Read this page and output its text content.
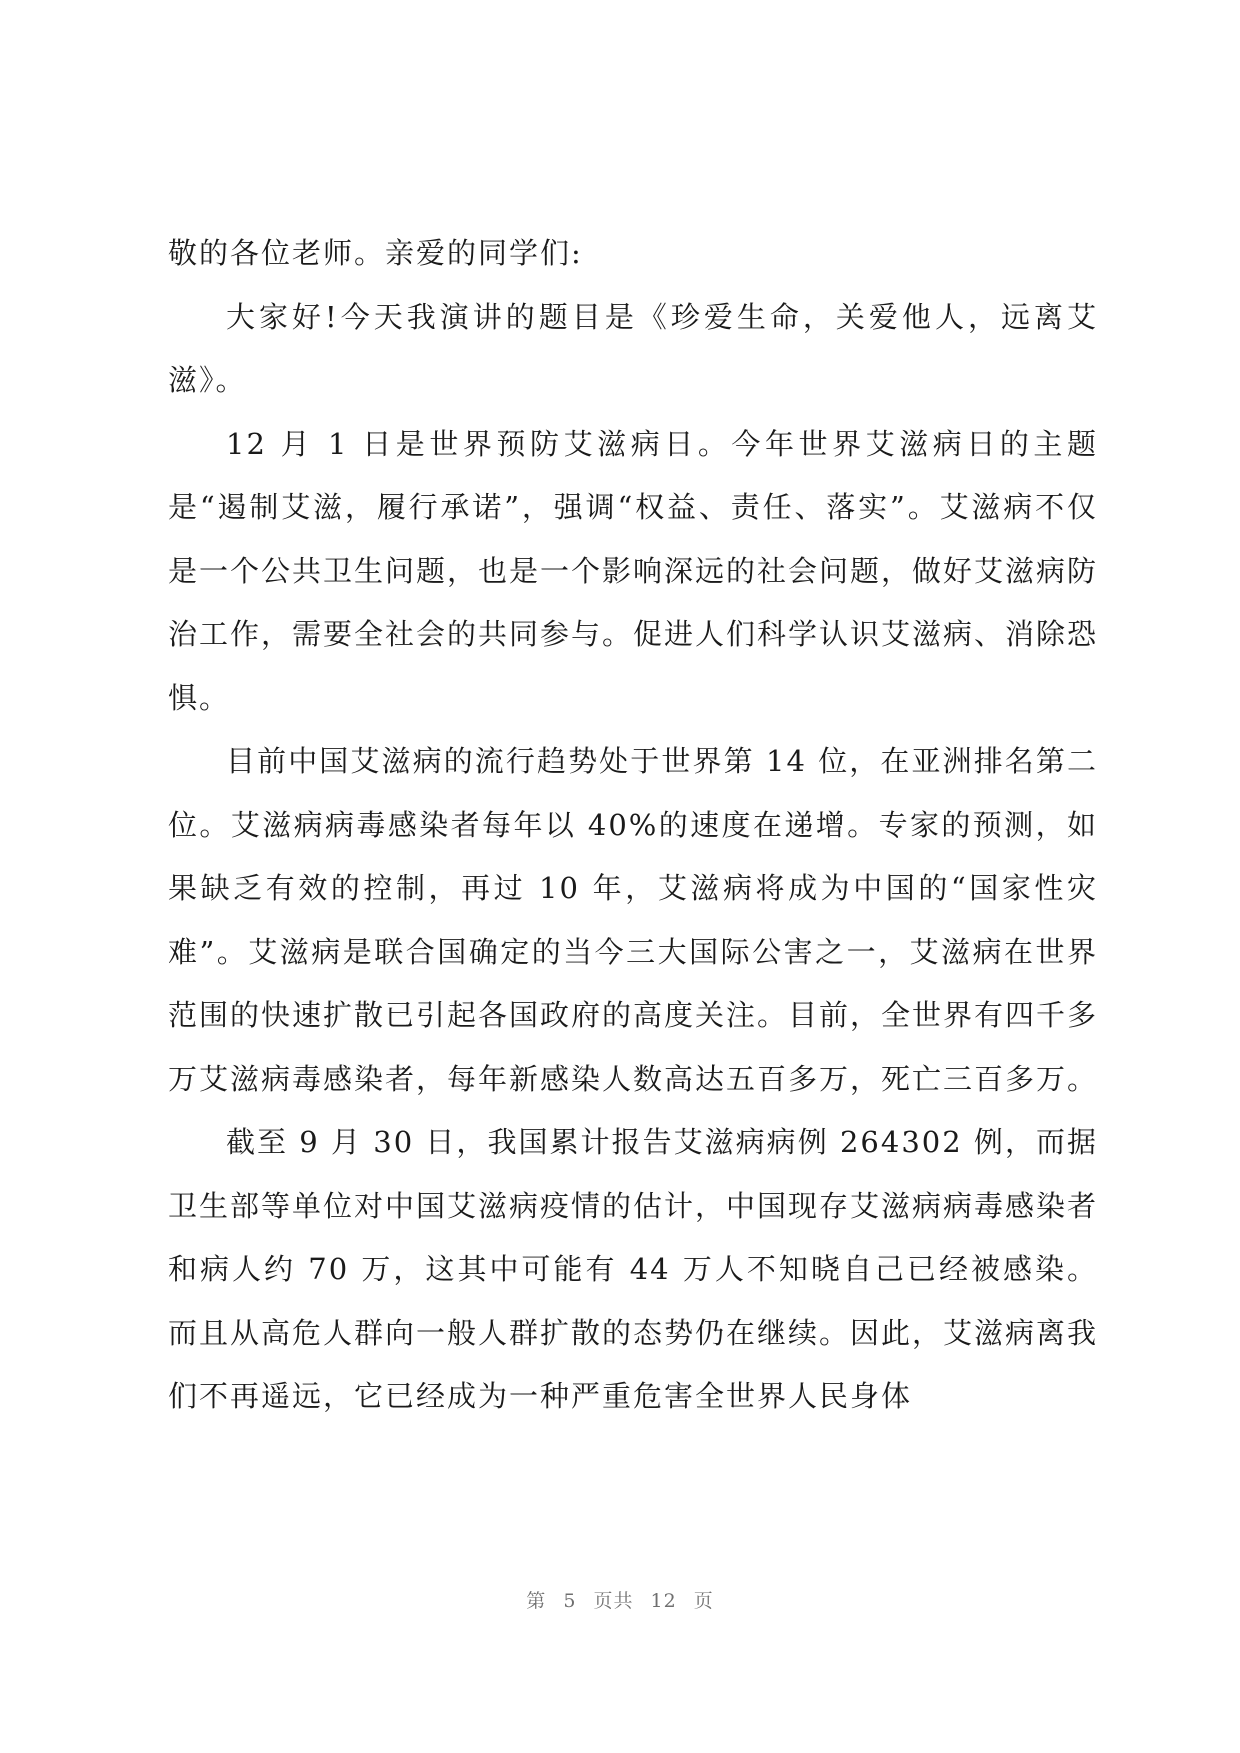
敬的各位老师。亲爱的同学们:

大家好!今天我演讲的题目是《珍爱生命，关爱他人，远离艾滋》。

12 月 1 日是世界预防艾滋病日。今年世界艾滋病日的主题是“遏制艾滋，履行承诺”，强调“权益、责任、落实”。艾滋病不仅是一个公共卫生问题，也是一个影响深远的社会问题，做好艾滋病防治工作，需要全社会的共同参与。促进人们科学认识艾滋病、消除恐惧。

目前中国艾滋病的流行趋势处于世界第 14 位，在亚洲排名第二位。艾滋病病毒感染者每年以 40%的速度在递增。专家的预测，如果缺乏有效的控制，再过 10 年，艾滋病将成为中国的“国家性灾难”。艾滋病是联合国确定的当今三大国际公害之一，艾滋病在世界范围的快速扩散已引起各国政府的高度关注。目前，全世界有四千多万艾滋病毒感染者，每年新感染人数高达五百多万，死亡三百多万。

截至 9 月 30 日，我国累计报告艾滋病病例 264302 例，而据卫生部等单位对中国艾滋病疫情的估计，中国现存艾滋病病毒感染者和病人约 70 万，这其中可能有 44 万人不知晓自己已经被感染。而且从高危人群向一般人群扩散的态势仍在继续。因此，艾滋病离我们不再遥远，它已经成为一种严重危害全世界人民身体

第 5 页共 12 页
